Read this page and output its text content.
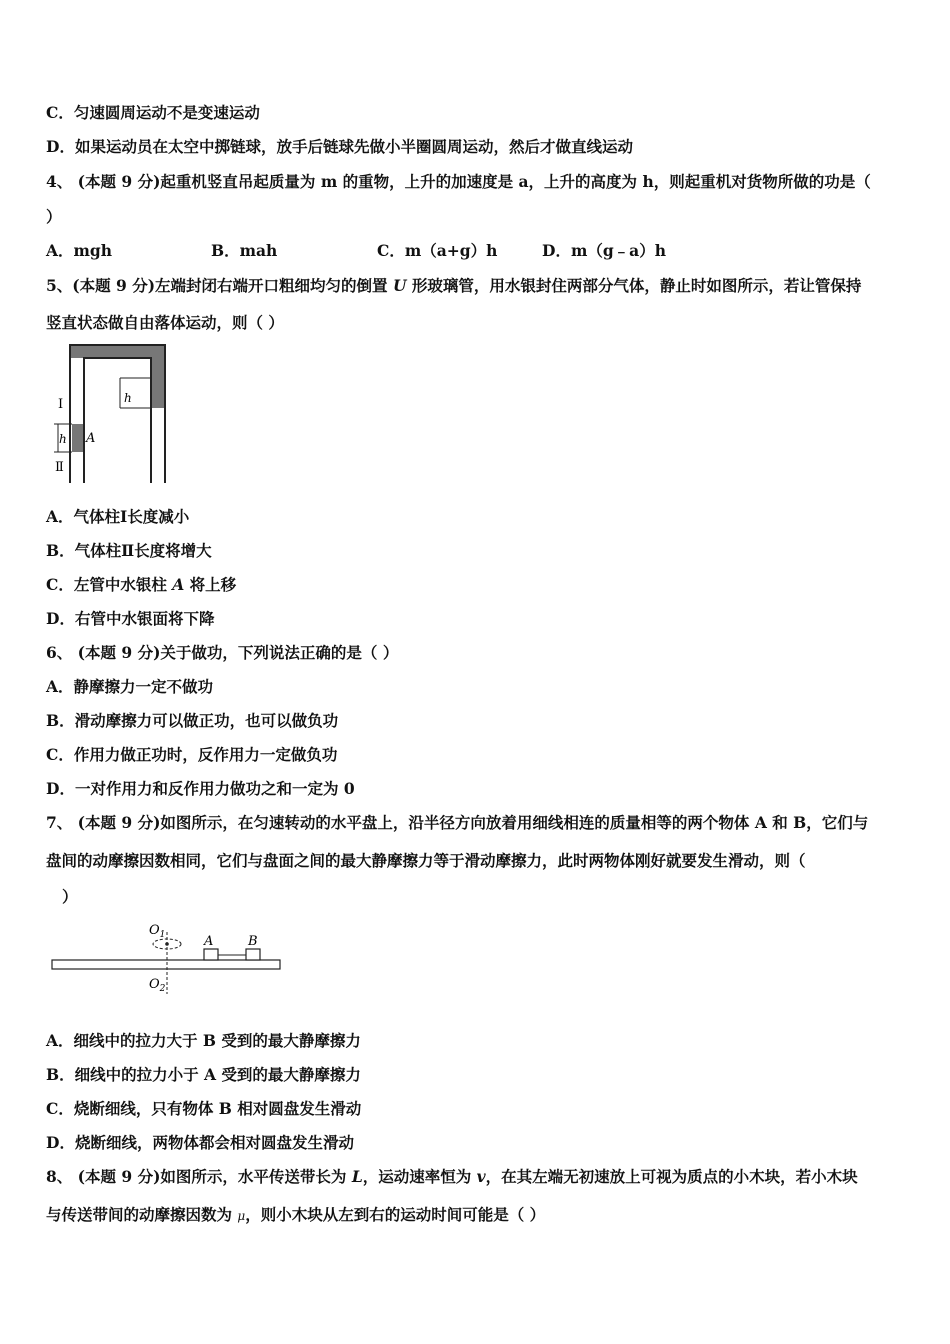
C．匀速圆周运动不是变速运动
D．如果运动员在太空中掷链球，放手后链球先做小半圈圆周运动，然后才做直线运动
4、 (本题 9 分)起重机竖直吊起质量为 m 的重物，上升的加速度是 a，上升的高度为 h，则起重机对货物所做的功是（
）
A．mgh	B．mah	C．m（a+g）h	D．m（g﹣a）h
5、(本题 9 分)左端封闭右端开口粗细均匀的倒置 U 形玻璃管，用水银封住两部分气体，静止时如图所示，若让管保持
竖直状态做自由落体运动，则（ ）
h
h A
Ⅰ
Ⅱ
A．气体柱Ⅰ长度减小
B．气体柱Ⅱ长度将增大
C．左管中水银柱 A 将上移
D．右管中水银面将下降
6、 (本题 9 分)关于做功，下列说法正确的是（ ）
A．静摩擦力一定不做功
B．滑动摩擦力可以做正功，也可以做负功
C．作用力做正功时，反作用力一定做负功
D．一对作用力和反作用力做功之和一定为 0
7、 (本题 9 分)如图所示，在匀速转动的水平盘上，沿半径方向放着用细线相连的质量相等的两个物体 A 和 B，它们与
盘间的动摩擦因数相同，它们与盘面之间的最大静摩擦力等于滑动摩擦力，此时两物体刚好就要发生滑动，则（
）
$O_1$
$O_2$
A	B
A．细线中的拉力大于 B 受到的最大静摩擦力
B．细线中的拉力小于 A 受到的最大静摩擦力
C．烧断细线，只有物体 B 相对圆盘发生滑动
D．烧断细线，两物体都会相对圆盘发生滑动
8、 (本题 9 分)如图所示，水平传送带长为 L，运动速率恒为 v，在其左端无初速放上可视为质点的小木块，若小木块
与传送带间的动摩擦因数为 μ，则小木块从左到右的运动时间可能是（ ）
